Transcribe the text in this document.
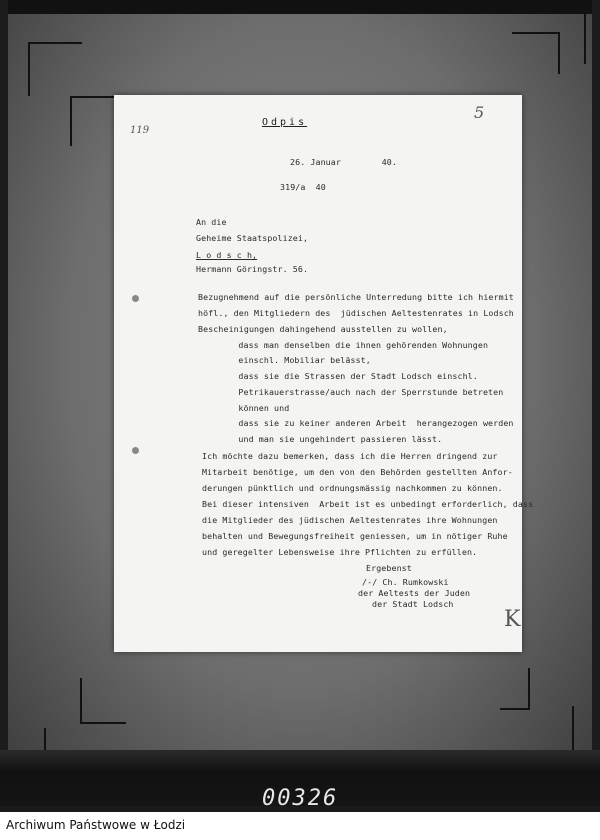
Odpis
5
119
26. Januar        40.
319/a  40
An die
Geheime Staatspolizei,
L o d s c h,
Hermann Göringstr. 56.
Bezugnehmend auf die persönliche Unterredung bitte ich hiermit
höfl., den Mitgliedern des  jüdischen Aeltestenrates in Lodsch
Bescheinigungen dahingehend ausstellen zu wollen,
dass man denselben die ihnen gehörenden Wohnungen
einschl. Mobiliar belässt,
dass sie die Strassen der Stadt Lodsch einschl.
Petrikauerstrasse/auch nach der Sperrstunde betreten
können und
dass sie zu keiner anderen Arbeit  herangezogen werden
und man sie ungehindert passieren lässt.
Ich möchte dazu bemerken, dass ich die Herren dringend zur
Mitarbeit benötige, um den von den Behörden gestellten Anfor-
derungen pünktlich und ordnungsmässig nachkommen zu können.
Bei dieser intensiven  Arbeit ist es unbedingt erforderlich, dass
die Mitglieder des jüdischen Aeltestenrates ihre Wohnungen
behalten und Bewegungsfreiheit geniessen, um in nötiger Ruhe
und geregelter Lebensweise ihre Pflichten zu erfüllen.
Ergebenst
/-/ Ch. Rumkowski
der Aeltests der Juden
der Stadt Lodsch
K
00326
Archiwum Państwowe w Łodzi
